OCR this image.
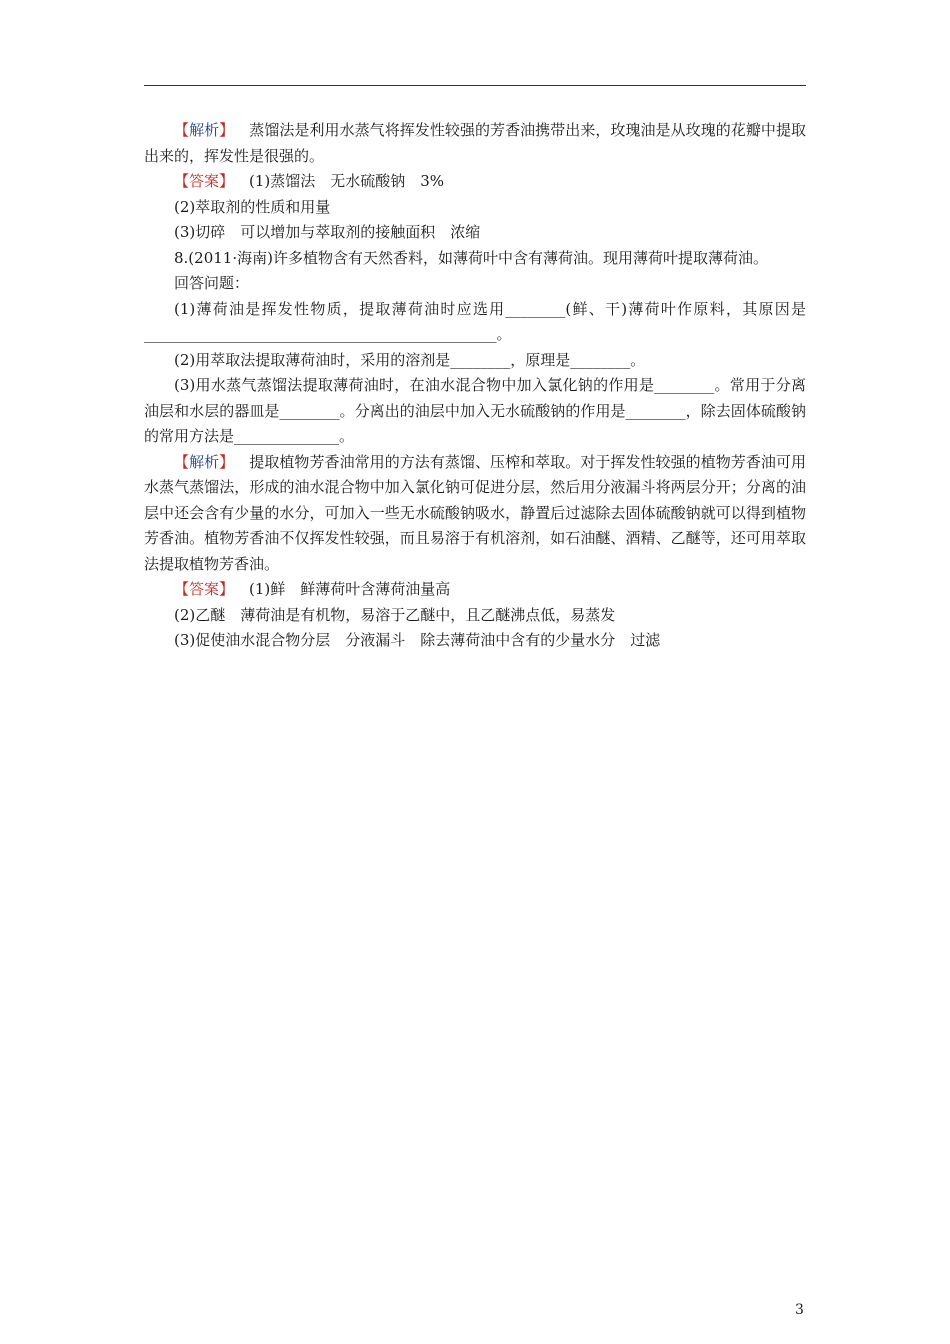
【解析】 蒸馏法是利用水蒸气将挥发性较强的芳香油携带出来，玫瑰油是从玫瑰的花瓣中提取出来的，挥发性是很强的。

【答案】 (1)蒸馏法　无水硫酸钠　3%

(2)萃取剂的性质和用量

(3)切碎　可以增加与萃取剂的接触面积　浓缩

8.(2011·海南)许多植物含有天然香料，如薄荷叶中含有薄荷油。现用薄荷叶提取薄荷油。

回答问题：

(1)薄荷油是挥发性物质，提取薄荷油时应选用________(鲜、干)薄荷叶作原料，其原因是_______________________________________________。

(2)用萃取法提取薄荷油时，采用的溶剂是________，原理是________。

(3)用水蒸气蒸馏法提取薄荷油时，在油水混合物中加入氯化钠的作用是________。常用于分离油层和水层的器皿是________。分离出的油层中加入无水硫酸钠的作用是________，除去固体硫酸钠的常用方法是______________。

【解析】 提取植物芳香油常用的方法有蒸馏、压榨和萃取。对于挥发性较强的植物芳香油可用水蒸气蒸馏法，形成的油水混合物中加入氯化钠可促进分层，然后用分液漏斗将两层分开；分离的油层中还会含有少量的水分，可加入一些无水硫酸钠吸水，静置后过滤除去固体硫酸钠就可以得到植物芳香油。植物芳香油不仅挥发性较强，而且易溶于有机溶剂，如石油醚、酒精、乙醚等，还可用萃取法提取植物芳香油。

【答案】 (1)鲜　鲜薄荷叶含薄荷油量高

(2)乙醚　薄荷油是有机物，易溶于乙醚中，且乙醚沸点低，易蒸发

(3)促使油水混合物分层　分液漏斗　除去薄荷油中含有的少量水分　过滤

3
